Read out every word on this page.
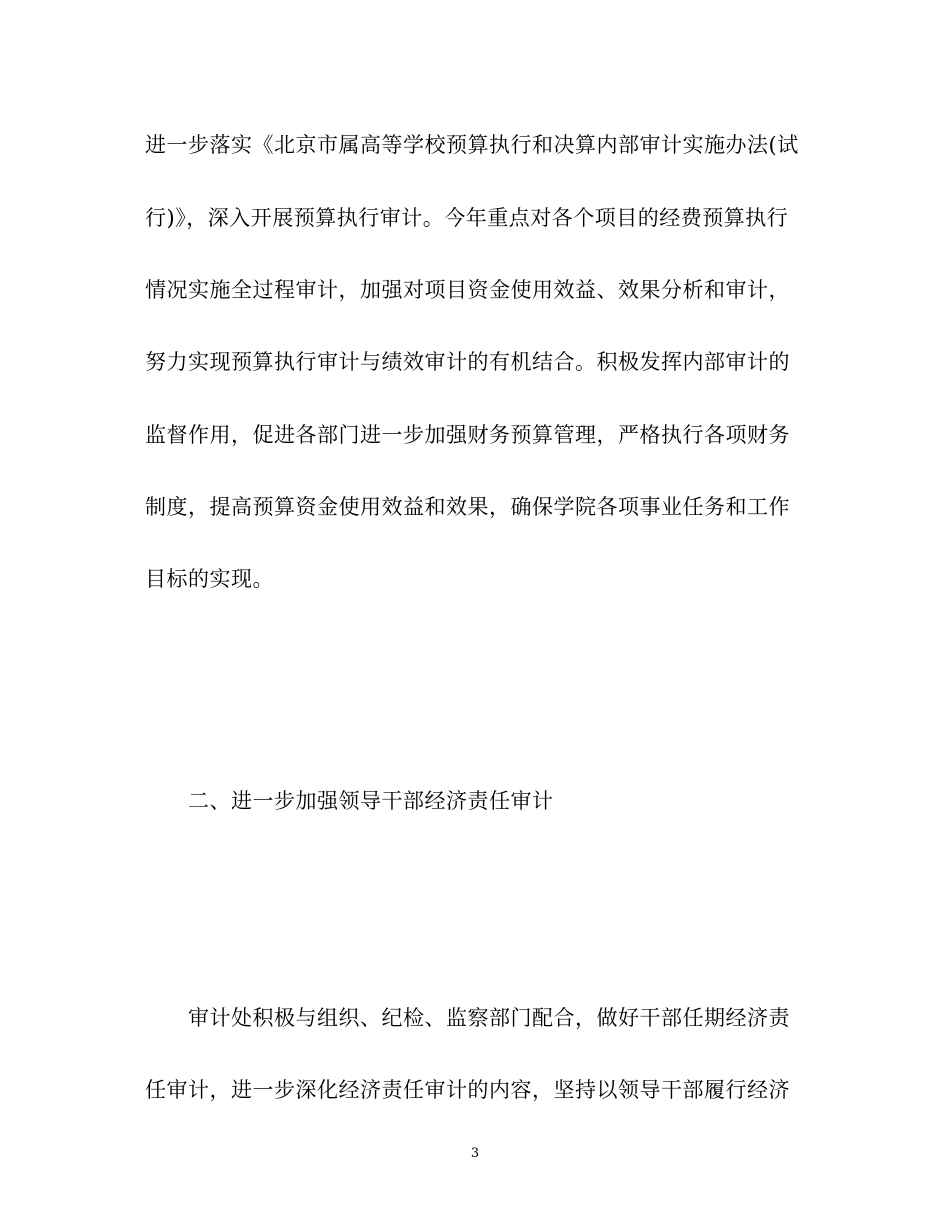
进一步落实《北京市属高等学校预算执行和决算内部审计实施办法(试

行)》，深入开展预算执行审计。今年重点对各个项目的经费预算执行

情况实施全过程审计，加强对项目资金使用效益、效果分析和审计，

努力实现预算执行审计与绩效审计的有机结合。积极发挥内部审计的

监督作用，促进各部门进一步加强财务预算管理，严格执行各项财务

制度，提高预算资金使用效益和效果，确保学院各项事业任务和工作

目标的实现。

二、进一步加强领导干部经济责任审计

审计处积极与组织、纪检、监察部门配合，做好干部任期经济责

任审计，进一步深化经济责任审计的内容，坚持以领导干部履行经济

3
